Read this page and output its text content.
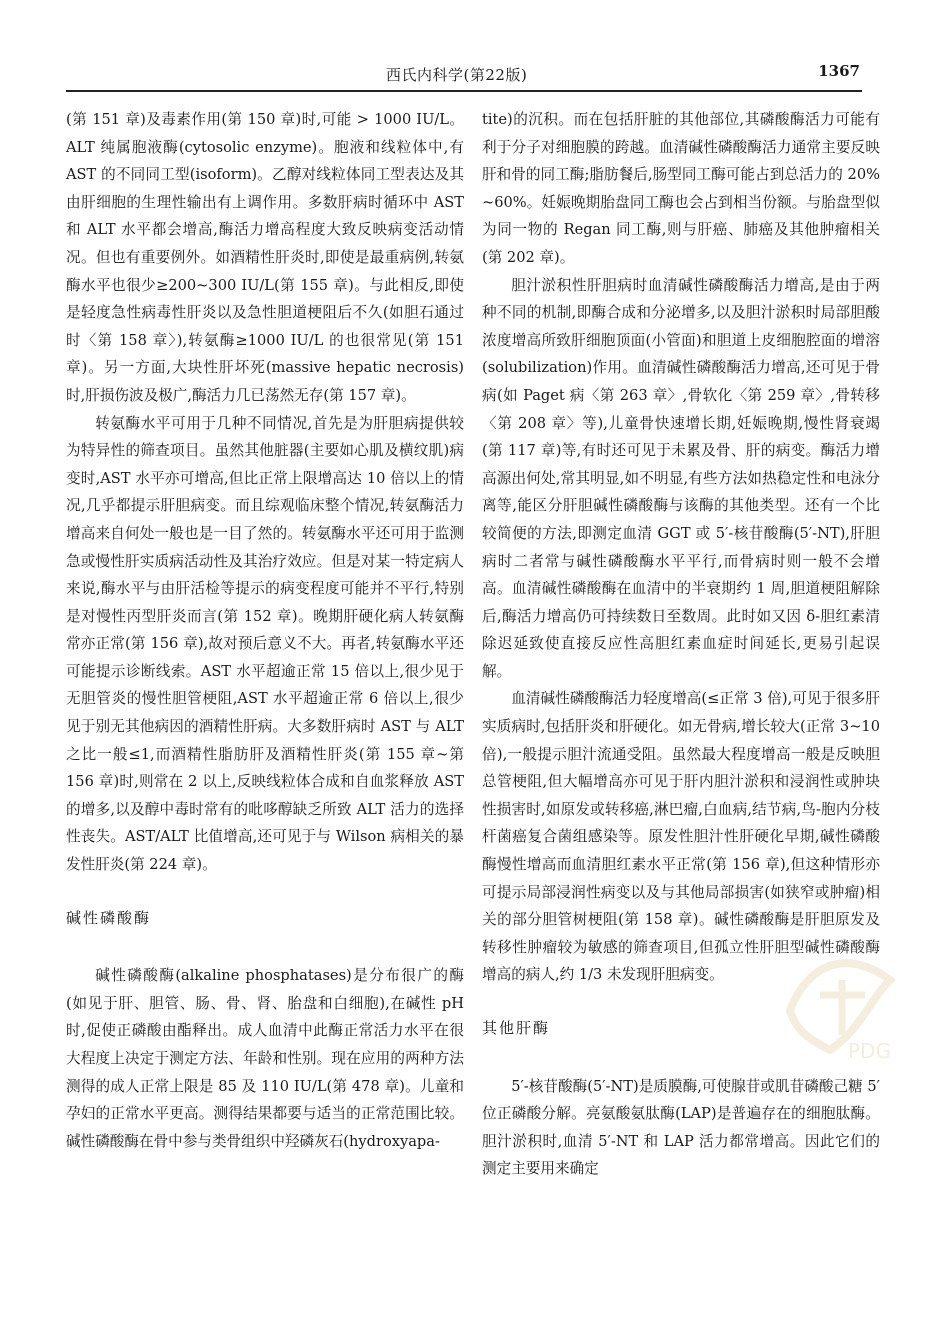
西氏内科学(第22版)	1367

(第 151 章)及毒素作用(第 150 章)时,可能 > 1000 IU/L。ALT 纯属胞液酶(cytosolic enzyme)。胞液和线粒体中,有 AST 的不同同工型(isoform)。乙醇对线粒体同工型表达及其由肝细胞的生理性输出有上调作用。多数肝病时循环中 AST 和 ALT 水平都会增高,酶活力增高程度大致反映病变活动情况。但也有重要例外。如酒精性肝炎时,即使是最重病例,转氨酶水平也很少≥200~300 IU/L(第 155 章)。与此相反,即使是轻度急性病毒性肝炎以及急性胆道梗阻后不久(如胆石通过时〈第 158 章〉),转氨酶≥1000 IU/L 的也很常见(第 151 章)。另一方面,大块性肝坏死(massive hepatic necrosis)时,肝损伤波及极广,酶活力几已荡然无存(第 157 章)。

转氨酶水平可用于几种不同情况,首先是为肝胆病提供较为特异性的筛查项目。虽然其他脏器(主要如心肌及横纹肌)病变时,AST 水平亦可增高,但比正常上限增高达 10 倍以上的情况,几乎都提示肝胆病变。而且综观临床整个情况,转氨酶活力增高来自何处一般也是一目了然的。转氨酶水平还可用于监测急或慢性肝实质病活动性及其治疗效应。但是对某一特定病人来说,酶水平与由肝活检等提示的病变程度可能并不平行,特别是对慢性丙型肝炎而言(第 152 章)。晚期肝硬化病人转氨酶常亦正常(第 156 章),故对预后意义不大。再者,转氨酶水平还可能提示诊断线索。AST 水平超逾正常 15 倍以上,很少见于无胆管炎的慢性胆管梗阻,AST 水平超逾正常 6 倍以上,很少见于别无其他病因的酒精性肝病。大多数肝病时 AST 与 ALT 之比一般≤1,而酒精性脂肪肝及酒精性肝炎(第 155 章~第 156 章)时,则常在 2 以上,反映线粒体合成和自血浆释放 AST 的增多,以及醇中毒时常有的吡哆醇缺乏所致 ALT 活力的选择性丧失。AST/ALT 比值增高,还可见于与 Wilson 病相关的暴发性肝炎(第 224 章)。

碱性磷酸酶

碱性磷酸酶(alkaline phosphatases)是分布很广的酶(如见于肝、胆管、肠、骨、肾、胎盘和白细胞),在碱性 pH 时,促使正磷酸由酯释出。成人血清中此酶正常活力水平在很大程度上决定于测定方法、年龄和性别。现在应用的两种方法测得的成人正常上限是 85 及 110 IU/L(第 478 章)。儿童和孕妇的正常水平更高。测得结果都要与适当的正常范围比较。碱性磷酸酶在骨中参与类骨组织中羟磷灰石(hydroxyapa-

tite)的沉积。而在包括肝脏的其他部位,其磷酸酶活力可能有利于分子对细胞膜的跨越。血清碱性磷酸酶活力通常主要反映肝和骨的同工酶;脂肪餐后,肠型同工酶可能占到总活力的 20% ~60%。妊娠晚期胎盘同工酶也会占到相当份额。与胎盘型似为同一物的 Regan 同工酶,则与肝癌、肺癌及其他肿瘤相关(第 202 章)。

胆汁淤积性肝胆病时血清碱性磷酸酶活力增高,是由于两种不同的机制,即酶合成和分泌增多,以及胆汁淤积时局部胆酸浓度增高所致肝细胞顶面(小管面)和胆道上皮细胞腔面的增溶(solubilization)作用。血清碱性磷酸酶活力增高,还可见于骨病(如 Paget 病〈第 263 章〉,骨软化〈第 259 章〉,骨转移〈第 208 章〉等),儿童骨快速增长期,妊娠晚期,慢性肾衰竭(第 117 章)等,有时还可见于未累及骨、肝的病变。酶活力增高源出何处,常其明显,如不明显,有些方法如热稳定性和电泳分离等,能区分肝胆碱性磷酸酶与该酶的其他类型。还有一个比较简便的方法,即测定血清 GGT 或 5′-核苷酸酶(5′-NT),肝胆病时二者常与碱性磷酸酶水平平行,而骨病时则一般不会增高。血清碱性磷酸酶在血清中的半衰期约 1 周,胆道梗阻解除后,酶活力增高仍可持续数日至数周。此时如又因 δ-胆红素清除迟延致使直接反应性高胆红素血症时间延长,更易引起误解。

血清碱性磷酸酶活力轻度增高(≤正常 3 倍),可见于很多肝实质病时,包括肝炎和肝硬化。如无骨病,增长较大(正常 3~10 倍),一般提示胆汁流通受阻。虽然最大程度增高一般是反映胆总管梗阻,但大幅增高亦可见于肝内胆汁淤积和浸润性或肿块性损害时,如原发或转移癌,淋巴瘤,白血病,结节病,鸟-胞内分枝杆菌癌复合菌组感染等。原发性胆汁性肝硬化早期,碱性磷酸酶慢性增高而血清胆红素水平正常(第 156 章),但这种情形亦可提示局部浸润性病变以及与其他局部损害(如狭窄或肿瘤)相关的部分胆管树梗阻(第 158 章)。碱性磷酸酶是肝胆原发及转移性肿瘤较为敏感的筛查项目,但孤立性肝胆型碱性磷酸酶增高的病人,约 1/3 未发现肝胆病变。

其他肝酶

5′-核苷酸酶(5′-NT)是质膜酶,可使腺苷或肌苷磷酸己糖 5′位正磷酸分解。亮氨酸氨肽酶(LAP)是普遍存在的细胞肽酶。胆汁淤积时,血清 5′-NT 和 LAP 活力都常增高。因此它们的测定主要用来确定

PDG
